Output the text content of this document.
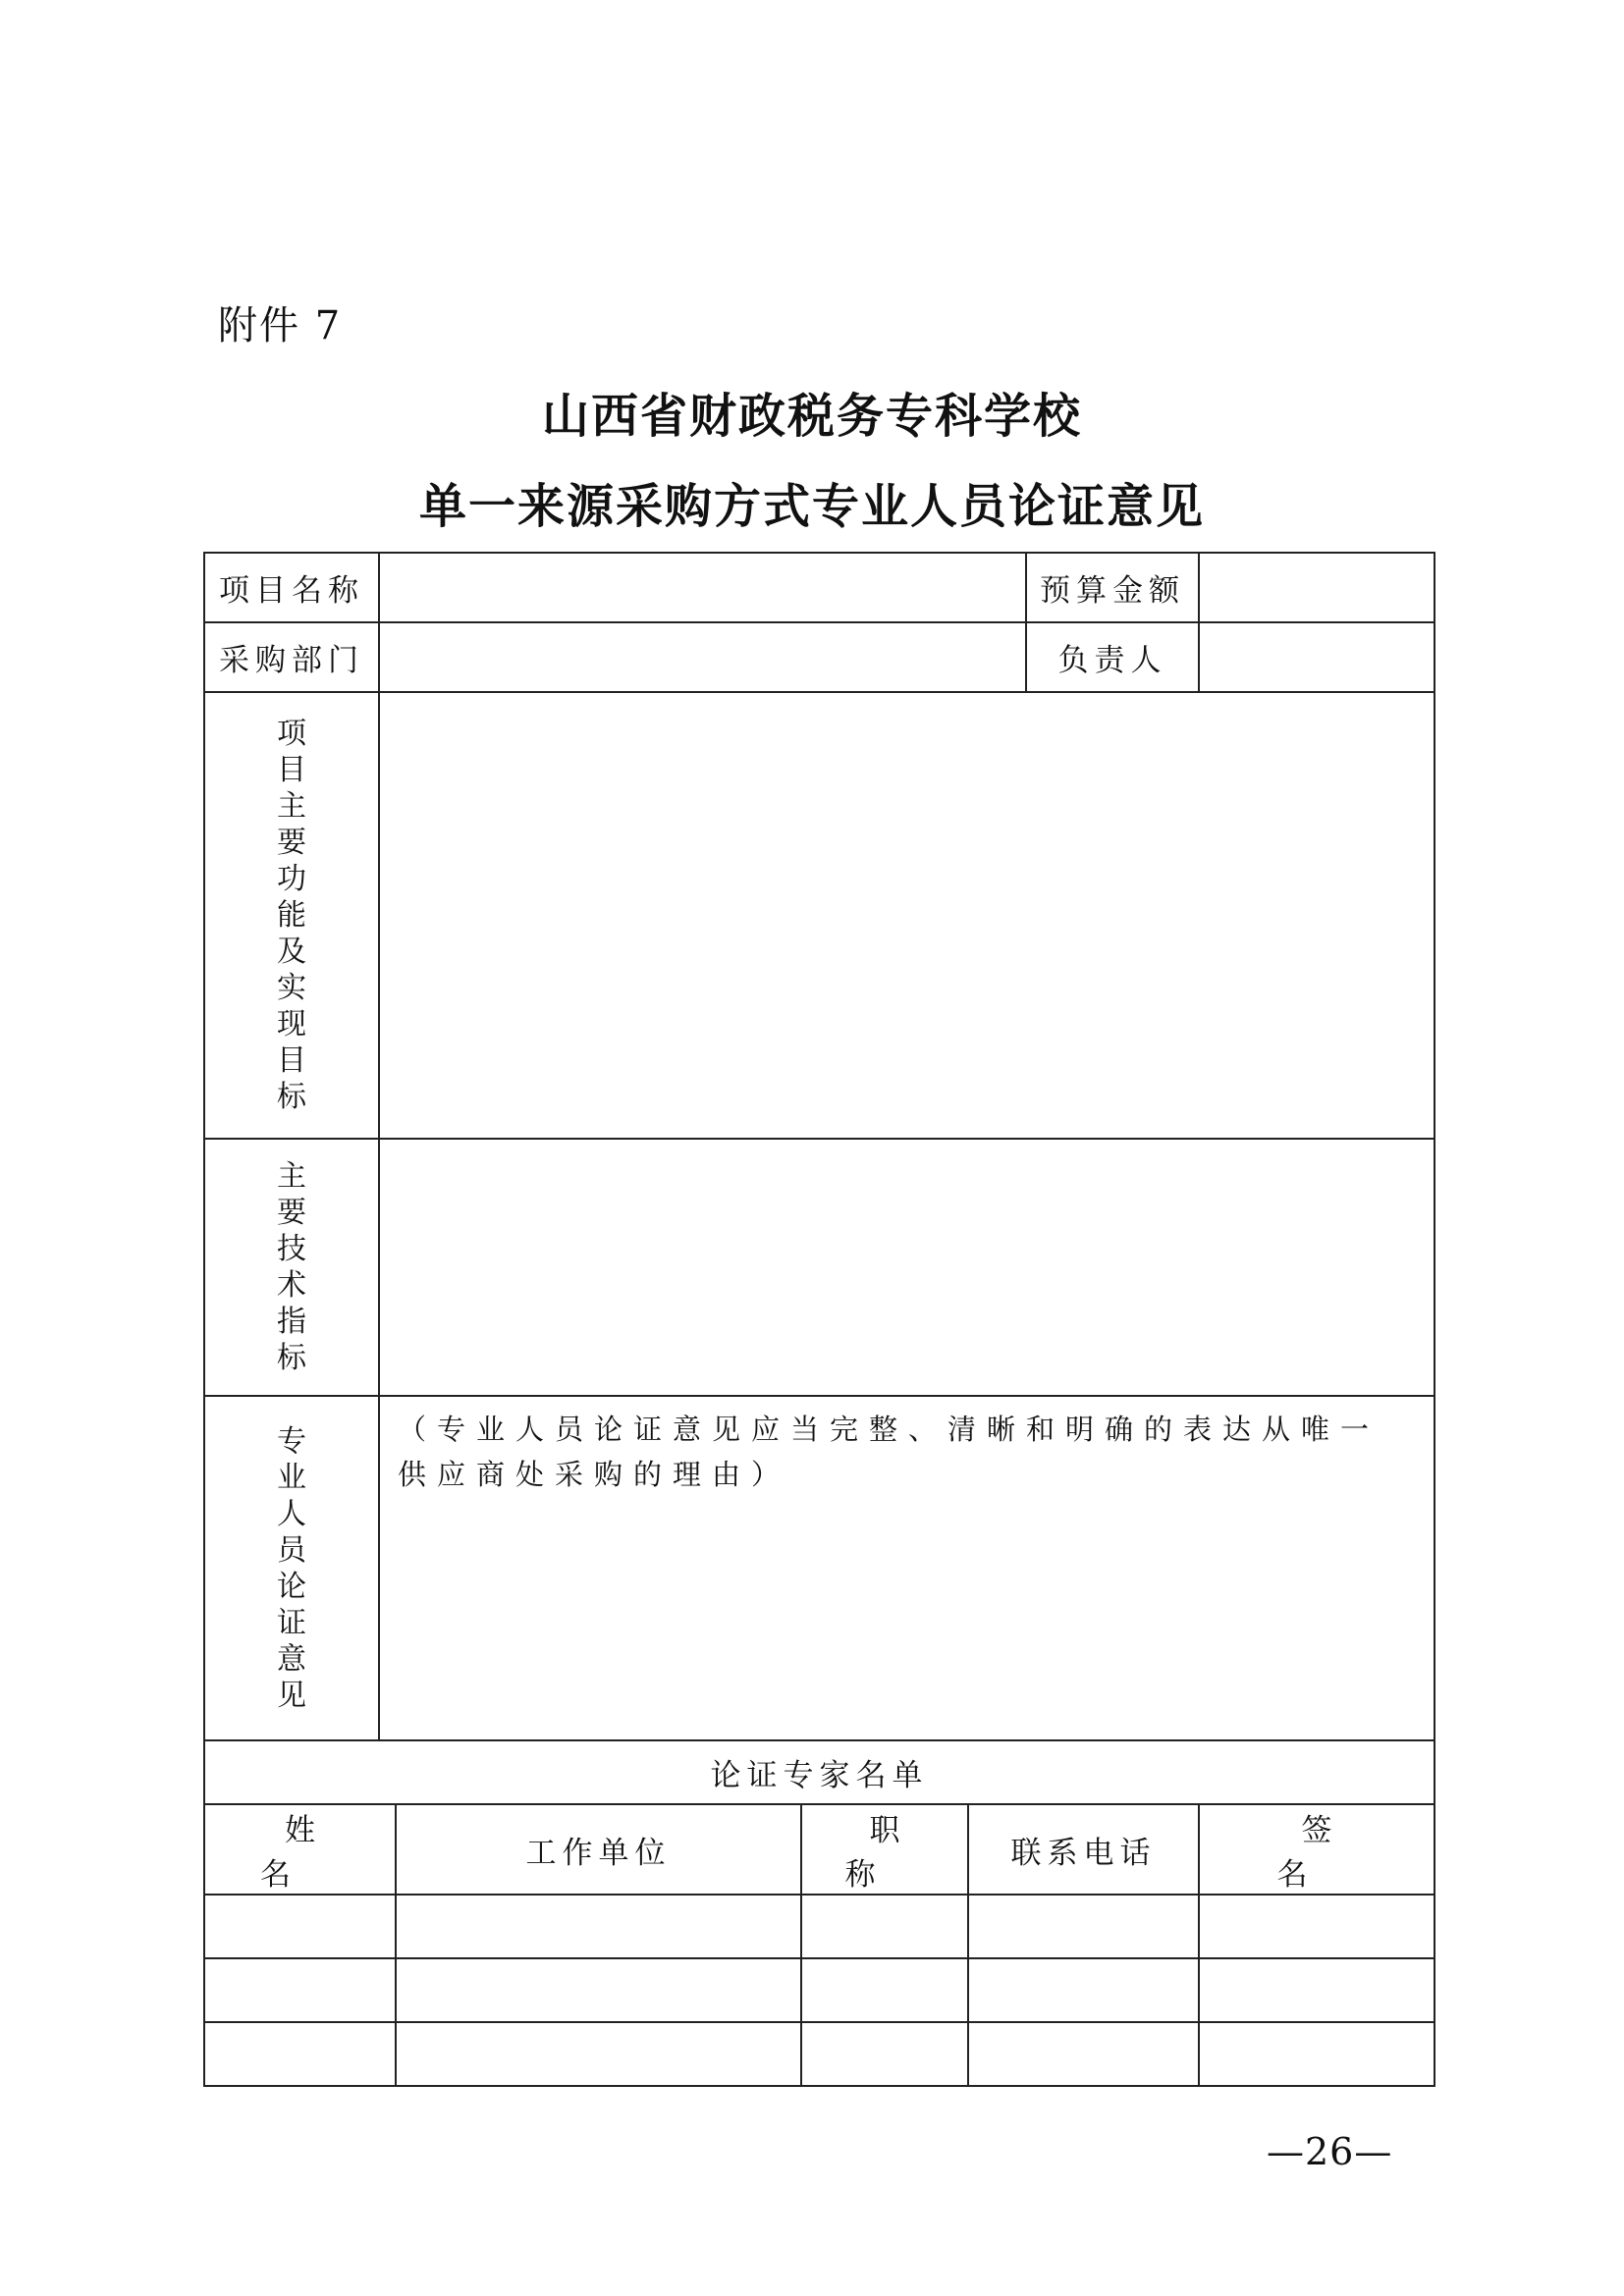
附件 7
山西省财政税务专科学校
单一来源采购方式专业人员论证意见
项目名称					预算金额	
采购部门					负责人	
项目主要功能及实现目标						
主要技术指标						
专业人员论证意见	（专业人员论证意见应当完整、清晰和明确的表达从唯一供应商处采购的理由）					
论证专家名单						
姓 名		工作单位	职 称	联系电话		签 名

—26—
